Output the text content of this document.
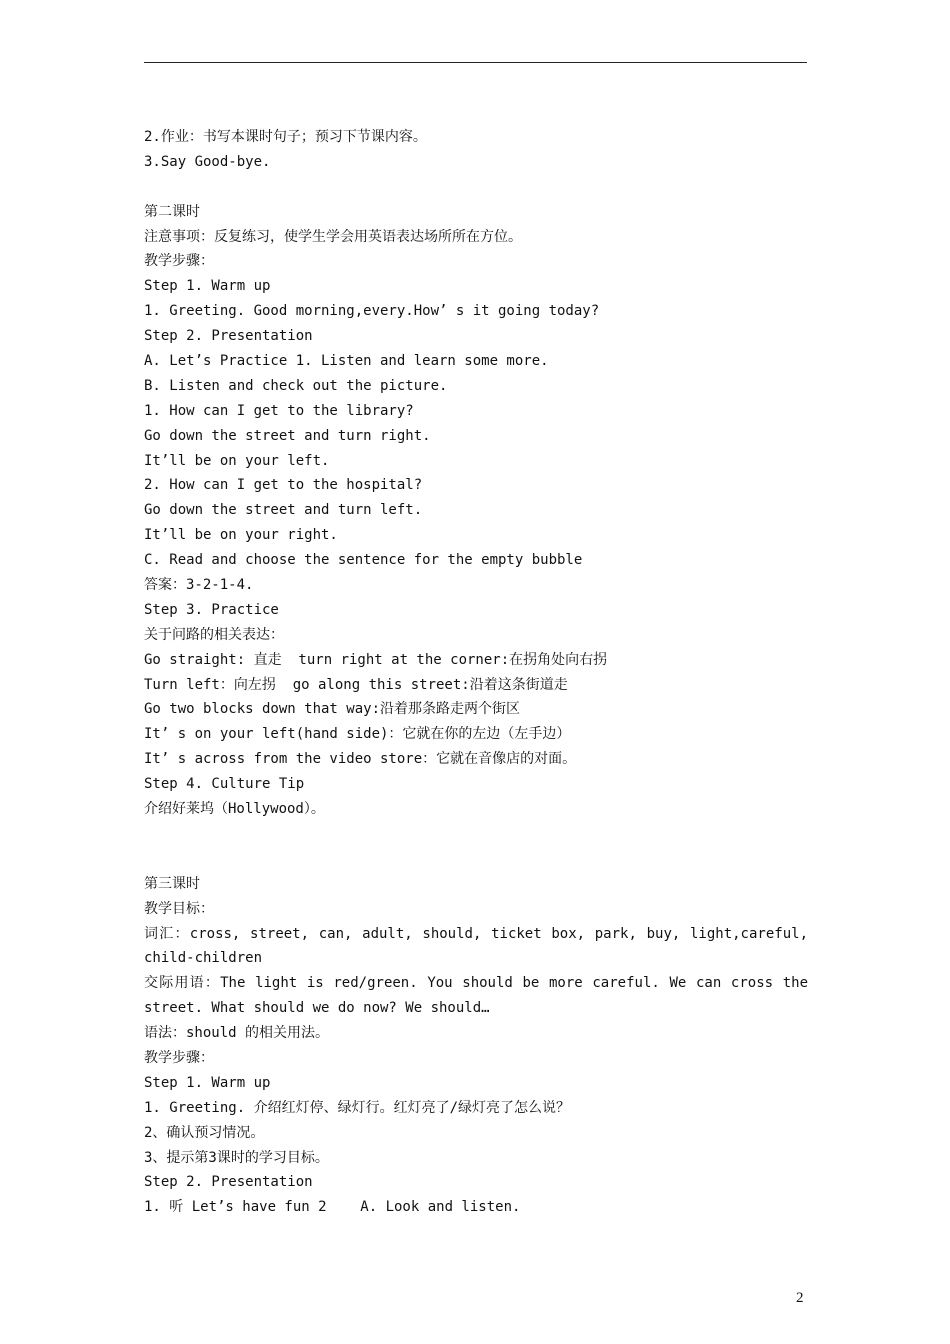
2.作业：书写本课时句子；预习下节课内容。
3.Say Good-bye.
第二课时
注意事项：反复练习，使学生学会用英语表达场所所在方位。
教学步骤：
Step 1. Warm up
1. Greeting. Good morning,every.How’ s it going today?
Step 2. Presentation
A. Let’s Practice 1. Listen and learn some more.
B. Listen and check out the picture.
1. How can I get to the library?
Go down the street and turn right.
It’ll be on your left.
2. How can I get to the hospital?
Go down the street and turn left.
It’ll be on your right.
C. Read and choose the sentence for the empty bubble
答案：3-2-1-4.
Step 3. Practice
关于问路的相关表达：
Go straight: 直走  turn right at the corner:在拐角处向右拐
Turn left：向左拐  go along this street:沿着这条街道走
Go two blocks down that way:沿着那条路走两个街区
It’ s on your left(hand side)：它就在你的左边（左手边）
It’ s across from the video store：它就在音像店的对面。
Step 4. Culture Tip
介绍好莱坞（Hollywood）。
第三课时
教学目标：
词汇：cross, street, can, adult, should, ticket box, park, buy, light,careful,
child-children
交际用语：The light is red/green. You should be more careful. We can cross the
street. What should we do now? We should…
语法：should 的相关用法。
教学步骤：
Step 1. Warm up
1. Greeting. 介绍红灯停、绿灯行。红灯亮了/绿灯亮了怎么说？
2、确认预习情况。
3、提示第3课时的学习目标。
Step 2. Presentation
1. 听 Let’s have fun 2    A. Look and listen.
2
